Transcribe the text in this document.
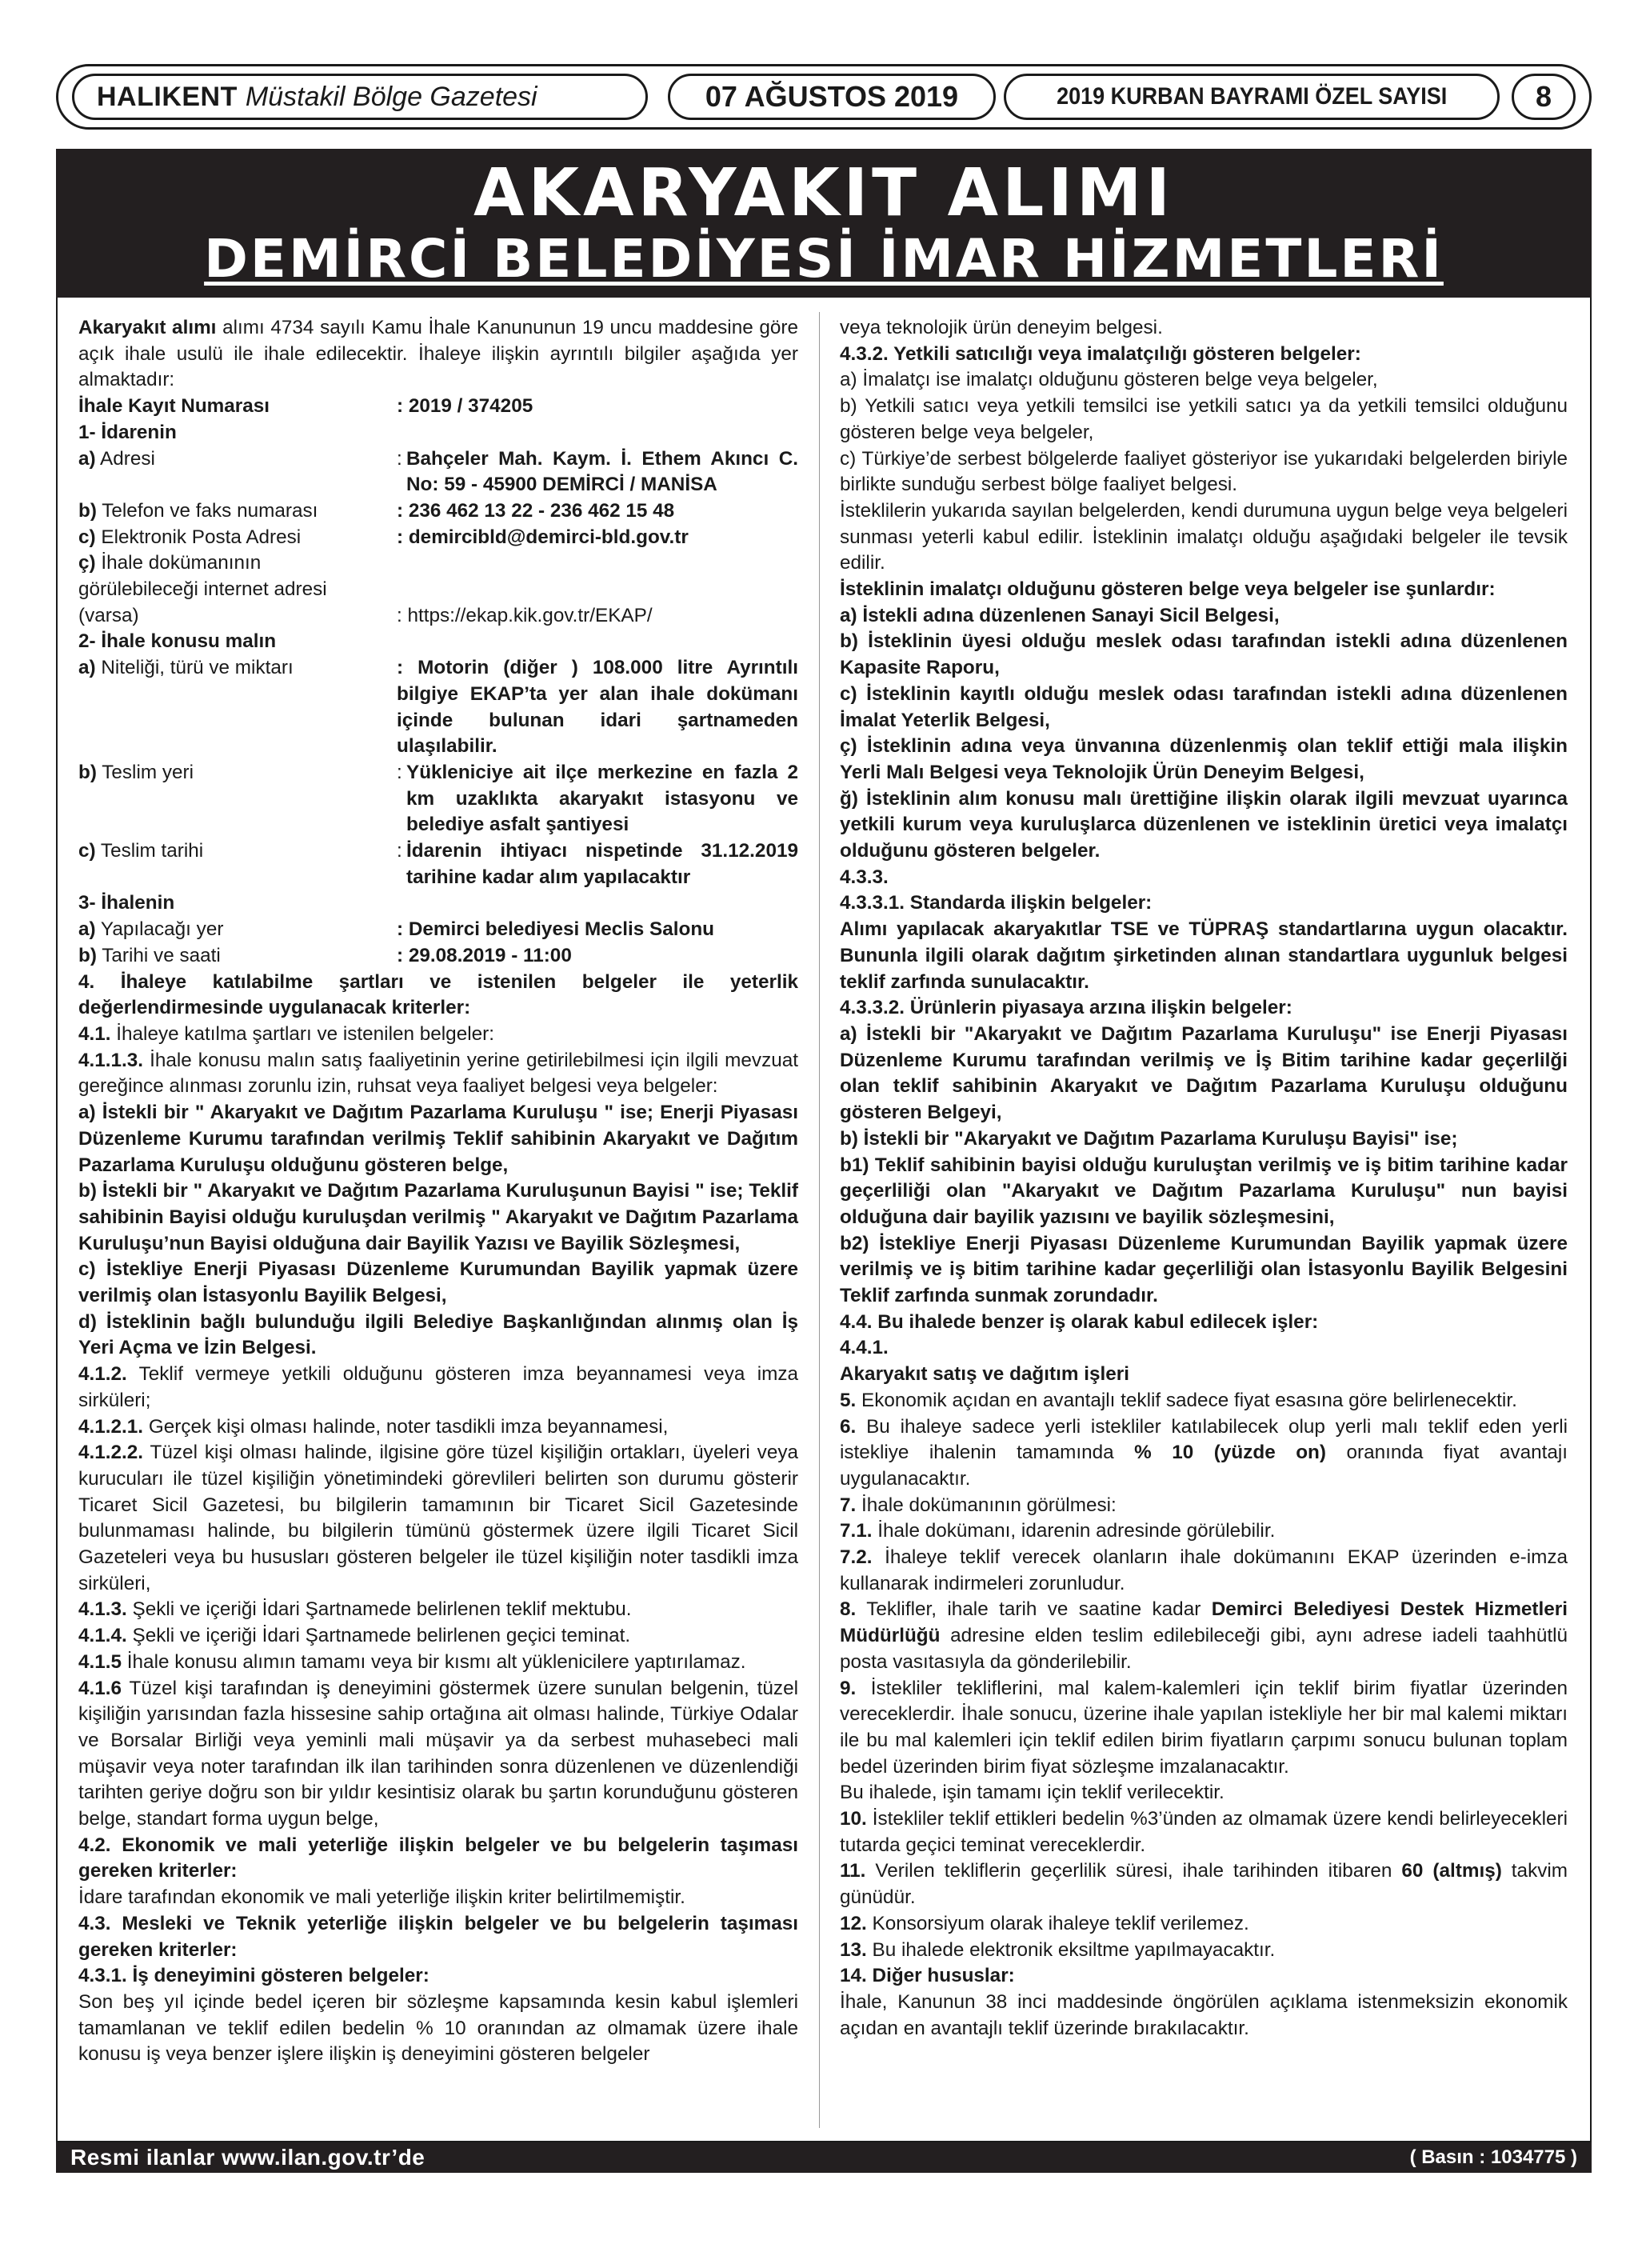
HALIKENT Müstakil Bölge Gazetesi	07 AĞUSTOS 2019	2019 KURBAN BAYRAMI ÖZEL SAYISI	8
AKARYAKIT ALIMI
DEMİRCİ BELEDİYESİ İMAR HİZMETLERİ

Akaryakıt alımı alımı 4734 sayılı Kamu İhale Kanununun 19 uncu maddesine göre açık ihale usulü ile ihale edilecektir. İhaleye ilişkin ayrıntılı bilgiler aşağıda yer almaktadır:

İhale Kayıt Numarası	: 2019 / 374205

1- İdarenin

a) Adresi	: Bahçeler Mah. Kaym. İ. Ethem Akıncı C. No: 59 - 45900 DEMİRCİ / MANİSA
b) Telefon ve faks numarası	: 236 462 13 22 - 236 462 15 48
c) Elektronik Posta Adresi	: demircibld@demirci-bld.gov.tr
ç) İhale dokümanının görülebileceği internet adresi (varsa)	: https://ekap.kik.gov.tr/EKAP/

2- İhale konusu malın

a) Niteliği, türü ve miktarı	: Motorin (diğer ) 108.000 litre Ayrıntılı bilgiye EKAP’ta yer alan ihale dokümanı içinde bulunan idari şartnameden ulaşılabilir.
b) Teslim yeri	: Yükleniciye ait ilçe merkezine en fazla 2 km uzaklıkta akaryakıt istasyonu ve belediye asfalt şantiyesi
c) Teslim tarihi	: İdarenin ihtiyacı nispetinde 31.12.2019 tarihine kadar alım yapılacaktır

3- İhalenin

a) Yapılacağı yer	: Demirci belediyesi Meclis Salonu
b) Tarihi ve saati	: 29.08.2019 - 11:00

4. İhaleye katılabilme şartları ve istenilen belgeler ile yeterlik değerlendirmesinde uygulanacak kriterler:

4.1. İhaleye katılma şartları ve istenilen belgeler:

4.1.1.3. İhale konusu malın satış faaliyetinin yerine getirilebilmesi için ilgili mevzuat gereğince alınması zorunlu izin, ruhsat veya faaliyet belgesi veya belgeler:

a) İstekli bir " Akaryakıt ve Dağıtım Pazarlama Kuruluşu " ise; Enerji Piyasası Düzenleme Kurumu tarafından verilmiş Teklif sahibinin Akaryakıt ve Dağıtım Pazarlama Kuruluşu olduğunu gösteren belge,

b) İstekli bir " Akaryakıt ve Dağıtım Pazarlama Kuruluşunun Bayisi " ise; Teklif sahibinin Bayisi olduğu kuruluşdan verilmiş " Akaryakıt ve Dağıtım Pazarlama Kuruluşu’nun Bayisi olduğuna dair Bayilik Yazısı ve Bayilik Sözleşmesi,

c) İstekliye Enerji Piyasası Düzenleme Kurumundan Bayilik yapmak üzere verilmiş olan İstasyonlu Bayilik Belgesi,

d) İsteklinin bağlı bulunduğu ilgili Belediye Başkanlığından alınmış olan İş Yeri Açma ve İzin Belgesi.

4.1.2. Teklif vermeye yetkili olduğunu gösteren imza beyannamesi veya imza sirküleri;

4.1.2.1. Gerçek kişi olması halinde, noter tasdikli imza beyannamesi,

4.1.2.2. Tüzel kişi olması halinde, ilgisine göre tüzel kişiliğin ortakları, üyeleri veya kurucuları ile tüzel kişiliğin yönetimindeki görevlileri belirten son durumu gösterir Ticaret Sicil Gazetesi, bu bilgilerin tamamının bir Ticaret Sicil Gazetesinde bulunmaması halinde, bu bilgilerin tümünü göstermek üzere ilgili Ticaret Sicil Gazeteleri veya bu hususları gösteren belgeler ile tüzel kişiliğin noter tasdikli imza sirküleri,

4.1.3. Şekli ve içeriği İdari Şartnamede belirlenen teklif mektubu.

4.1.4. Şekli ve içeriği İdari Şartnamede belirlenen geçici teminat.

4.1.5 İhale konusu alımın tamamı veya bir kısmı alt yüklenicilere yaptırılamaz.

4.1.6 Tüzel kişi tarafından iş deneyimini göstermek üzere sunulan belgenin, tüzel kişiliğin yarısından fazla hissesine sahip ortağına ait olması halinde, Türkiye Odalar ve Borsalar Birliği veya yeminli mali müşavir ya da serbest muhasebeci mali müşavir veya noter tarafından ilk ilan tarihinden sonra düzenlenen ve düzenlendiği tarihten geriye doğru son bir yıldır kesintisiz olarak bu şartın korunduğunu gösteren belge, standart forma uygun belge,

4.2. Ekonomik ve mali yeterliğe ilişkin belgeler ve bu belgelerin taşıması gereken kriterler:

İdare tarafından ekonomik ve mali yeterliğe ilişkin kriter belirtilmemiştir.

4.3. Mesleki ve Teknik yeterliğe ilişkin belgeler ve bu belgelerin taşıması gereken kriterler:

4.3.1. İş deneyimini gösteren belgeler:

Son beş yıl içinde bedel içeren bir sözleşme kapsamında kesin kabul işlemleri tamamlanan ve teklif edilen bedelin % 10 oranından az olmamak üzere ihale konusu iş veya benzer işlere ilişkin iş deneyimini gösteren belgeler

veya teknolojik ürün deneyim belgesi.

4.3.2. Yetkili satıcılığı veya imalatçılığı gösteren belgeler:

a) İmalatçı ise imalatçı olduğunu gösteren belge veya belgeler,

b) Yetkili satıcı veya yetkili temsilci ise yetkili satıcı ya da yetkili temsilci olduğunu gösteren belge veya belgeler,

c) Türkiye’de serbest bölgelerde faaliyet gösteriyor ise yukarıdaki belgelerden biriyle birlikte sunduğu serbest bölge faaliyet belgesi.

İsteklilerin yukarıda sayılan belgelerden, kendi durumuna uygun belge veya belgeleri sunması yeterli kabul edilir. İsteklinin imalatçı olduğu aşağıdaki belgeler ile tevsik edilir.

İsteklinin imalatçı olduğunu gösteren belge veya belgeler ise şunlardır:

a) İstekli adına düzenlenen Sanayi Sicil Belgesi,

b) İsteklinin üyesi olduğu meslek odası tarafından istekli adına düzenlenen Kapasite Raporu,

c) İsteklinin kayıtlı olduğu meslek odası tarafından istekli adına düzenlenen İmalat Yeterlik Belgesi,

ç) İsteklinin adına veya ünvanına düzenlenmiş olan teklif ettiği mala ilişkin Yerli Malı Belgesi veya Teknolojik Ürün Deneyim Belgesi,

ğ) İsteklinin alım konusu malı ürettiğine ilişkin olarak ilgili mevzuat uyarınca yetkili kurum veya kuruluşlarca düzenlenen ve isteklinin üretici veya imalatçı olduğunu gösteren belgeler.

4.3.3.

4.3.3.1. Standarda ilişkin belgeler:

Alımı yapılacak akaryakıtlar TSE ve TÜPRAŞ standartlarına uygun olacaktır. Bununla ilgili olarak dağıtım şirketinden alınan standartlara uygunluk belgesi teklif zarfında sunulacaktır.

4.3.3.2. Ürünlerin piyasaya arzına ilişkin belgeler:

a) İstekli bir "Akaryakıt ve Dağıtım Pazarlama Kuruluşu" ise Enerji Piyasası Düzenleme Kurumu tarafından verilmiş ve İş Bitim tarihine kadar geçerlilği olan teklif sahibinin Akaryakıt ve Dağıtım Pazarlama Kuruluşu olduğunu gösteren Belgeyi,

b) İstekli bir "Akaryakıt ve Dağıtım Pazarlama Kuruluşu Bayisi" ise;

b1) Teklif sahibinin bayisi olduğu kuruluştan verilmiş ve iş bitim tarihine kadar geçerliliği olan "Akaryakıt ve Dağıtım Pazarlama Kuruluşu" nun bayisi olduğuna dair bayilik yazısını ve bayilik sözleşmesini,

b2) İstekliye Enerji Piyasası Düzenleme Kurumundan Bayilik yapmak üzere verilmiş ve iş bitim tarihine kadar geçerliliği olan İstasyonlu Bayilik Belgesini Teklif zarfında sunmak zorundadır.

4.4. Bu ihalede benzer iş olarak kabul edilecek işler:

4.4.1.

Akaryakıt satış ve dağıtım işleri

5. Ekonomik açıdan en avantajlı teklif sadece fiyat esasına göre belirlenecektir.

6. Bu ihaleye sadece yerli istekliler katılabilecek olup yerli malı teklif eden yerli istekliye ihalenin tamamında % 10 (yüzde on) oranında fiyat avantajı uygulanacaktır.

7. İhale dokümanının görülmesi:

7.1. İhale dokümanı, idarenin adresinde görülebilir.

7.2. İhaleye teklif verecek olanların ihale dokümanını EKAP üzerinden e-imza kullanarak indirmeleri zorunludur.

8. Teklifler, ihale tarih ve saatine kadar Demirci Belediyesi Destek Hizmetleri Müdürlüğü adresine elden teslim edilebileceği gibi, aynı adrese iadeli taahhütlü posta vasıtasıyla da gönderilebilir.

9. İstekliler tekliflerini, mal kalem-kalemleri için teklif birim fiyatlar üzerinden vereceklerdir. İhale sonucu, üzerine ihale yapılan istekliyle her bir mal kalemi miktarı ile bu mal kalemleri için teklif edilen birim fiyatların çarpımı sonucu bulunan toplam bedel üzerinden birim fiyat sözleşme imzalanacaktır.

Bu ihalede, işin tamamı için teklif verilecektir.

10. İstekliler teklif ettikleri bedelin %3’ünden az olmamak üzere kendi belirleyecekleri tutarda geçici teminat vereceklerdir.

11. Verilen tekliflerin geçerlilik süresi, ihale tarihinden itibaren 60 (altmış) takvim günüdür.

12. Konsorsiyum olarak ihaleye teklif verilemez.

13. Bu ihalede elektronik eksiltme yapılmayacaktır.

14. Diğer hususlar:

İhale, Kanunun 38 inci maddesinde öngörülen açıklama istenmeksizin ekonomik açıdan en avantajlı teklif üzerinde bırakılacaktır.

Resmi ilanlar www.ilan.gov.tr’de	( Basın : 1034775 )
